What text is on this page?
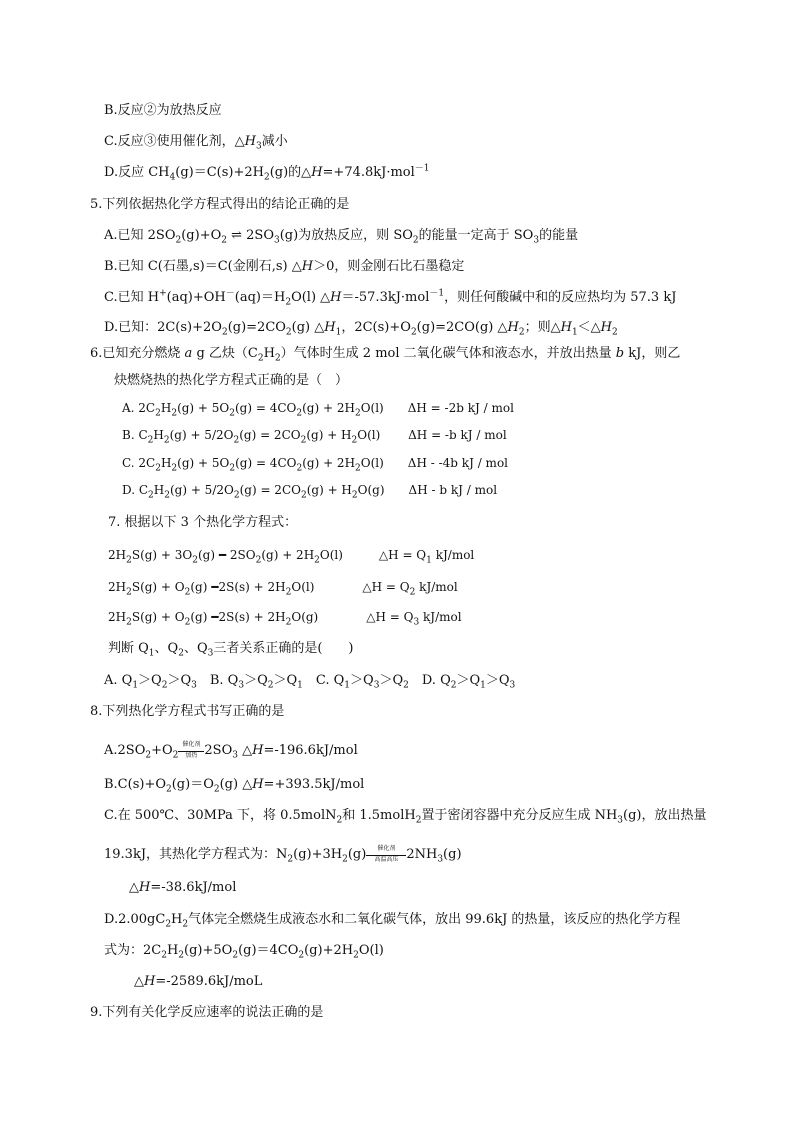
B.反应②为放热反应
C.反应③使用催化剂，$\triangle H_3$减小
D.反应 $CH_4(g)=C(s)+2H_2(g)$的△H=+74.8kJ·mol$^{-1}$
5.下列依据热化学方程式得出的结论正确的是
A.已知 $2SO_2(g)+O_2$ ⇌ $2SO_3(g)$为放热反应，则 $SO_2$的能量一定高于 $SO_3$的能量
B.已知 C(石墨,s)＝C(金刚石,s) △H＞0，则金刚石比石墨稳定
C.已知 $H^+(aq)+OH^-(aq)=H_2O(l)$ △H＝-57.3kJ·mol$^{-1}$，则任何酸碱中和的反应热均为 57.3 kJ
D.已知：$2C(s)+2O_2(g)=2CO_2(g)$ $\triangle H_1$，$2C(s)+O_2(g)=2CO(g)$ $\triangle H_2$；则$\triangle H_1<\triangle H_2$
6.已知充分燃烧 a g 乙炔$(C_2H_2)$气体时生成 2 mol 二氧化碳气体和液态水，并放出热量 b kJ，则乙
炔燃烧热的热化学方程式正确的是（　）
A. $2C_2H_2(g) + 5O_2(g) = 4CO_2(g) + 2H_2O(l)$　　ΔH = -2b kJ / mol
B. $C_2H_2(g) + 5/2O_2(g) = 2CO_2(g) + H_2O(l)$　　 ΔH = -b kJ / mol
C. $2C_2H_2(g) + 5O_2(g) = 4CO_2(g) + 2H_2O(l)$　　ΔH - -4b kJ / mol
D. $C_2H_2(g) + 5/2O_2(g) = 2CO_2(g) + H_2O(g)$　　ΔH - b kJ / mol
7. 根据以下 3 个热化学方程式：
$2H_2S(g) + 3O_2(g)$ ━ $2SO_2(g) + 2H_2O(l)$　　　△H = $Q_1$ kJ/mol
$2H_2S(g) + O_2(g)$ ━2S(s) + $2H_2O(l)$　　　　△H = $Q_2$ kJ/mol
$2H_2S(g) + O_2(g)$ ━2S(s) + $2H_2O(g)$　　　　△H = $Q_3$ kJ/mol
判断 $Q_1$、$Q_2$、$Q_3$三者关系正确的是(　　)
A. $Q_1>Q_2>Q_3$　B. $Q_3>Q_2>Q_1$　C. $Q_1>Q_3>Q_2$　D. $Q_2>Q_1>Q_3$
8.下列热化学方程式书写正确的是
$A.2SO_2+O_2 \frac{\text{催化剂}}{\text{加热}} 2SO_3$ △H=-196.6kJ/mol
$B.C(s)+O_2(g)=O_2(g)$ △H=+393.5kJ/mol
C.在 500℃、30MPa 下，将 0.5molN$_2$和 1.5molH$_2$置于密闭容器中充分反应生成 $NH_3(g)$，放出热量
19.3kJ，其热化学方程式为：$N_2(g)+3H_2(g) \frac{\text{催化剂}}{\text{高温高压}} 2NH_3(g)$
△H=-38.6kJ/mol
$D.2.00gC_2H_2$气体完全燃烧生成液态水和二氧化碳气体，放出 99.6kJ 的热量，该反应的热化学方程
式为：$2C_2H_2(g)+5O_2(g)=4CO_2(g)+2H_2O(l)$
△H=-2589.6kJ/moL
9.下列有关化学反应速率的说法正确的是
